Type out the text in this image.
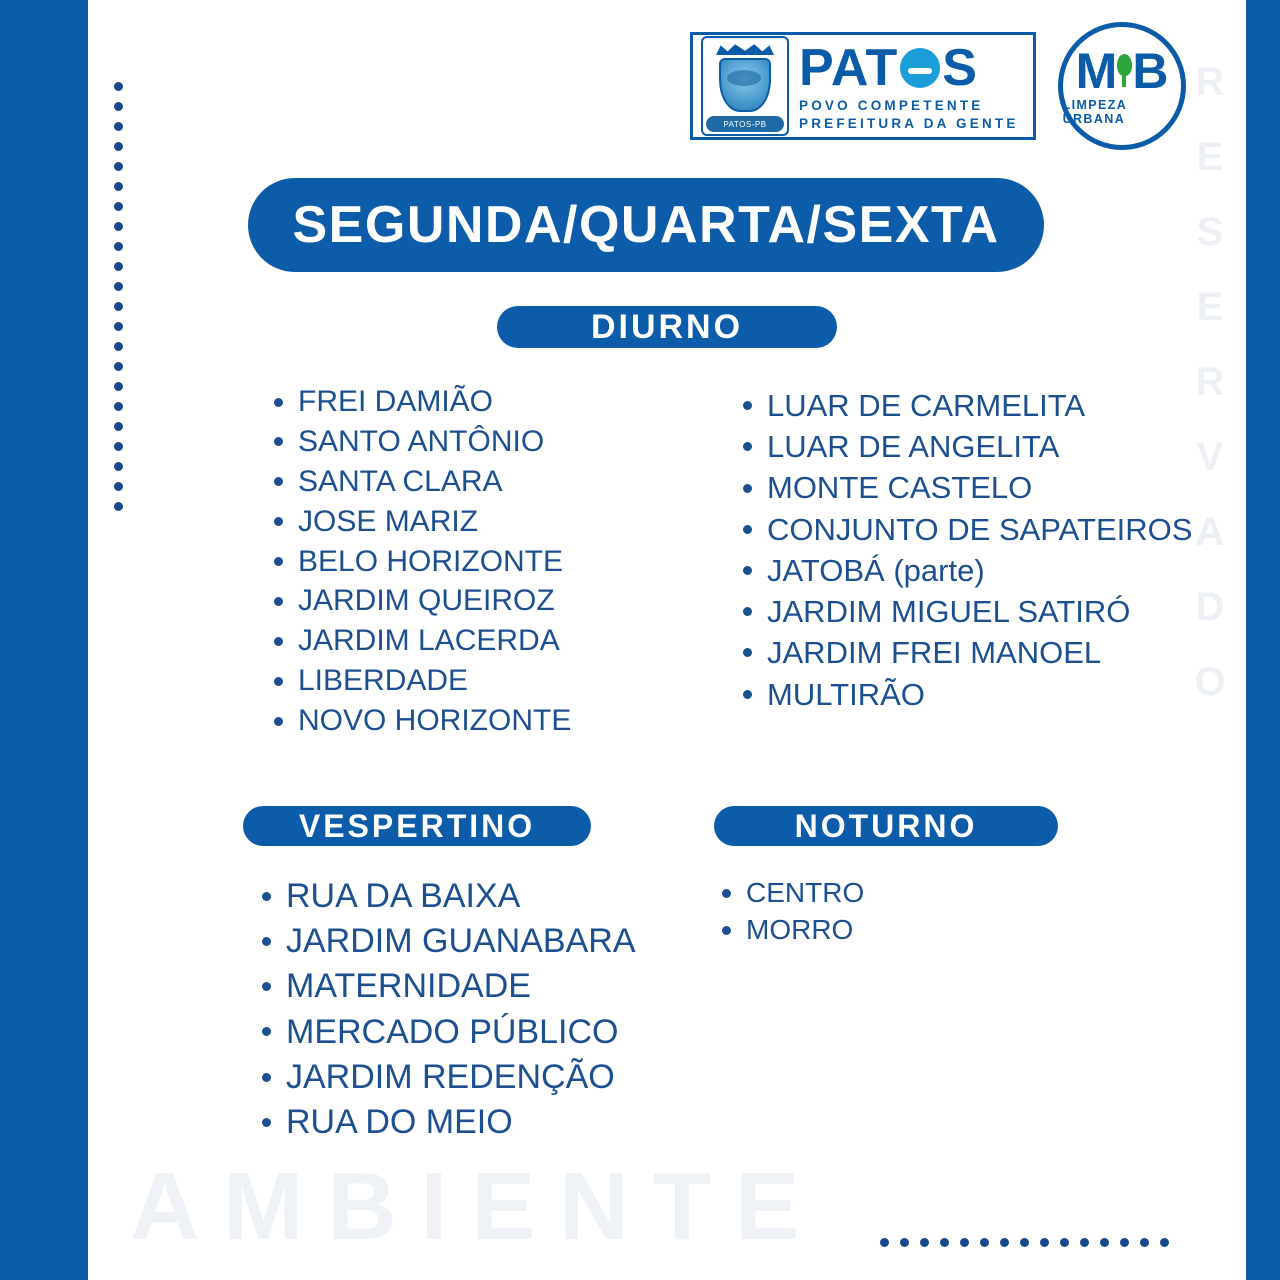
R
E
S
E
R
V
A
D
O
AMBIENTE
PATOS-PB
PAT S
POVO COMPETENTE
PREFEITURA DA GENTE
M B
LIMPEZA URBANA
SEGUNDA/QUARTA/SEXTA
DIURNO
FREI DAMIÃO
SANTO ANTÔNIO
SANTA CLARA
JOSE MARIZ
BELO HORIZONTE
JARDIM QUEIROZ
JARDIM LACERDA
LIBERDADE
NOVO HORIZONTE
LUAR DE CARMELITA
LUAR DE ANGELITA
MONTE CASTELO
CONJUNTO DE SAPATEIROS
JATOBÁ (parte)
JARDIM MIGUEL SATIRÓ
JARDIM FREI MANOEL
MULTIRÃO
VESPERTINO
RUA DA BAIXA
JARDIM GUANABARA
MATERNIDADE
MERCADO PÚBLICO
JARDIM REDENÇÃO
RUA DO MEIO
NOTURNO
CENTRO
MORRO
